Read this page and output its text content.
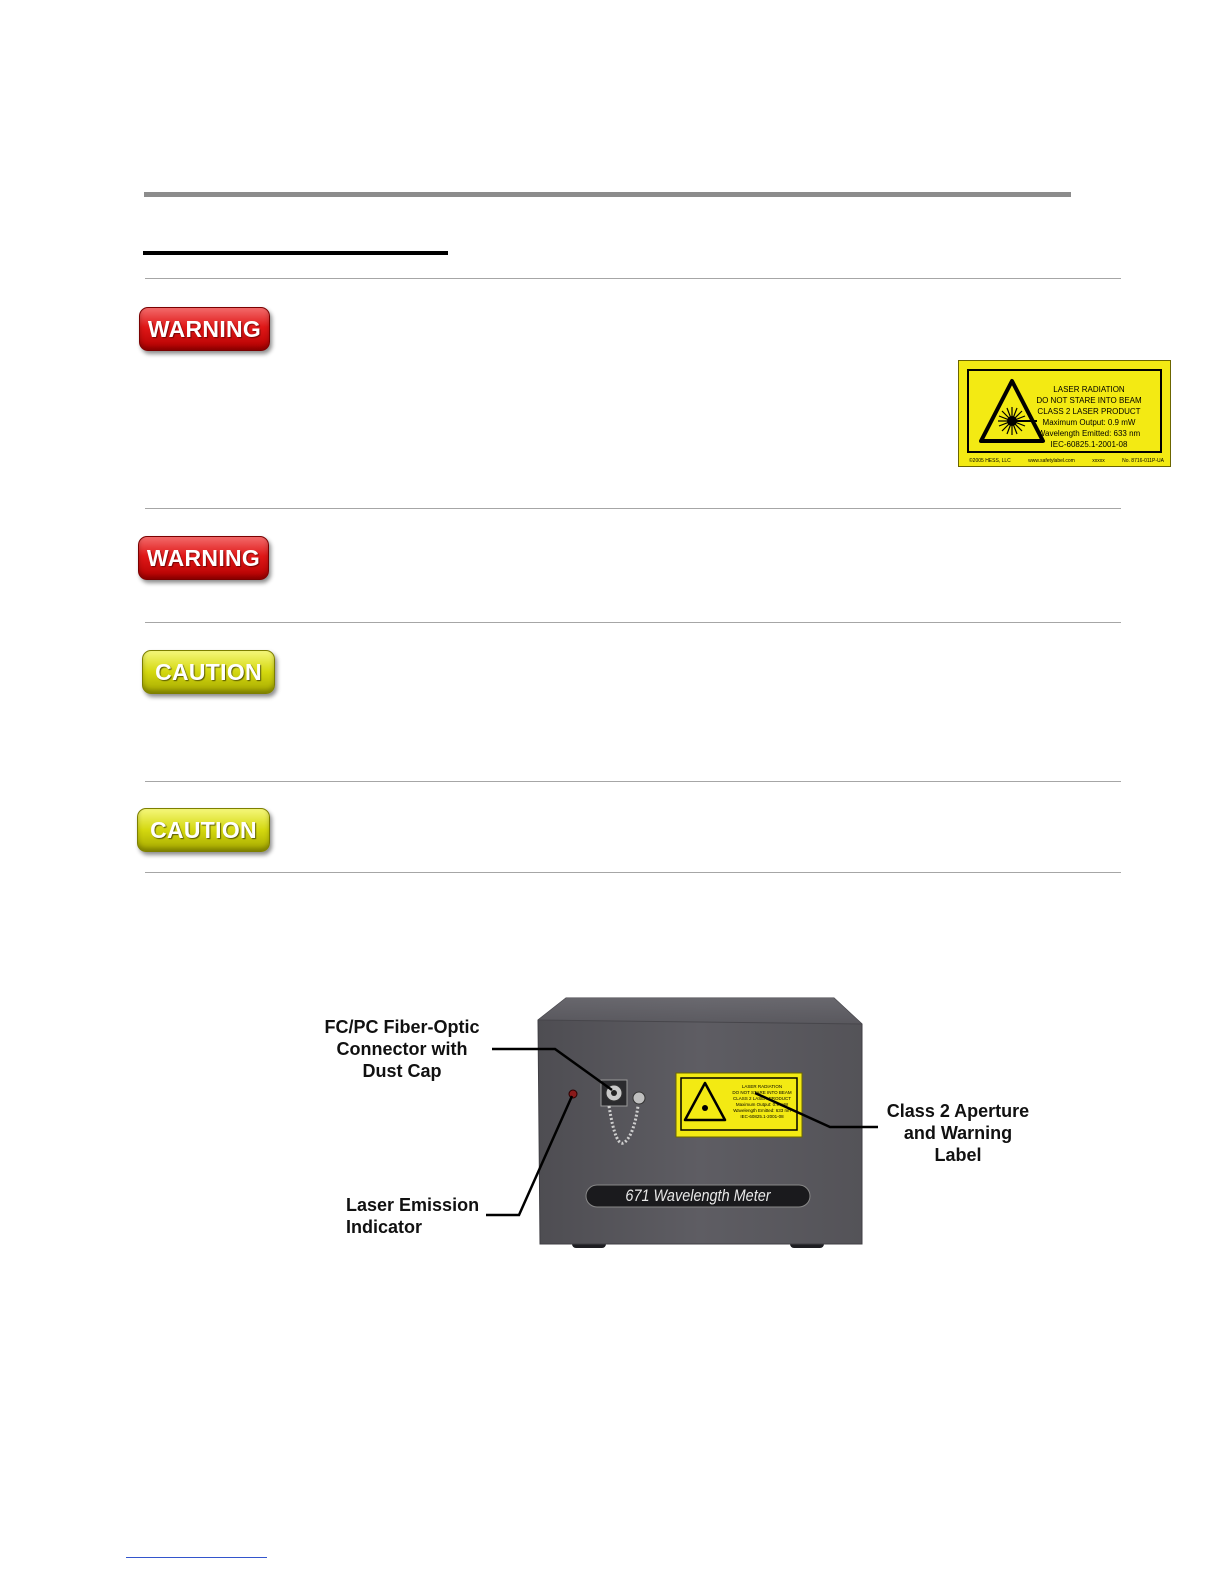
WARNING
WARNING
CAUTION
CAUTION
LASER RADIATION
DO NOT STARE INTO BEAM
CLASS 2 LASER PRODUCT
Maximum Output: 0.9 mW
Wavelength Emitted: 633 nm
IEC-60825.1-2001-08
©2005 HESS, LLC	www.safetylabel.com	xxxxx	No. 8716-011P-UA
671 Wavelength Meter
LASER RADIATION
DO NOT STARE INTO BEAM
CLASS 2 LASER PRODUCT
Maximum Output: 0.9 mW
Wavelength Emitted: 633 nm
IEC-60825.1-2001-08
FC/PC Fiber-Optic
Connector with
Dust Cap
Class 2 Aperture
and Warning Label
Laser Emission
Indicator
